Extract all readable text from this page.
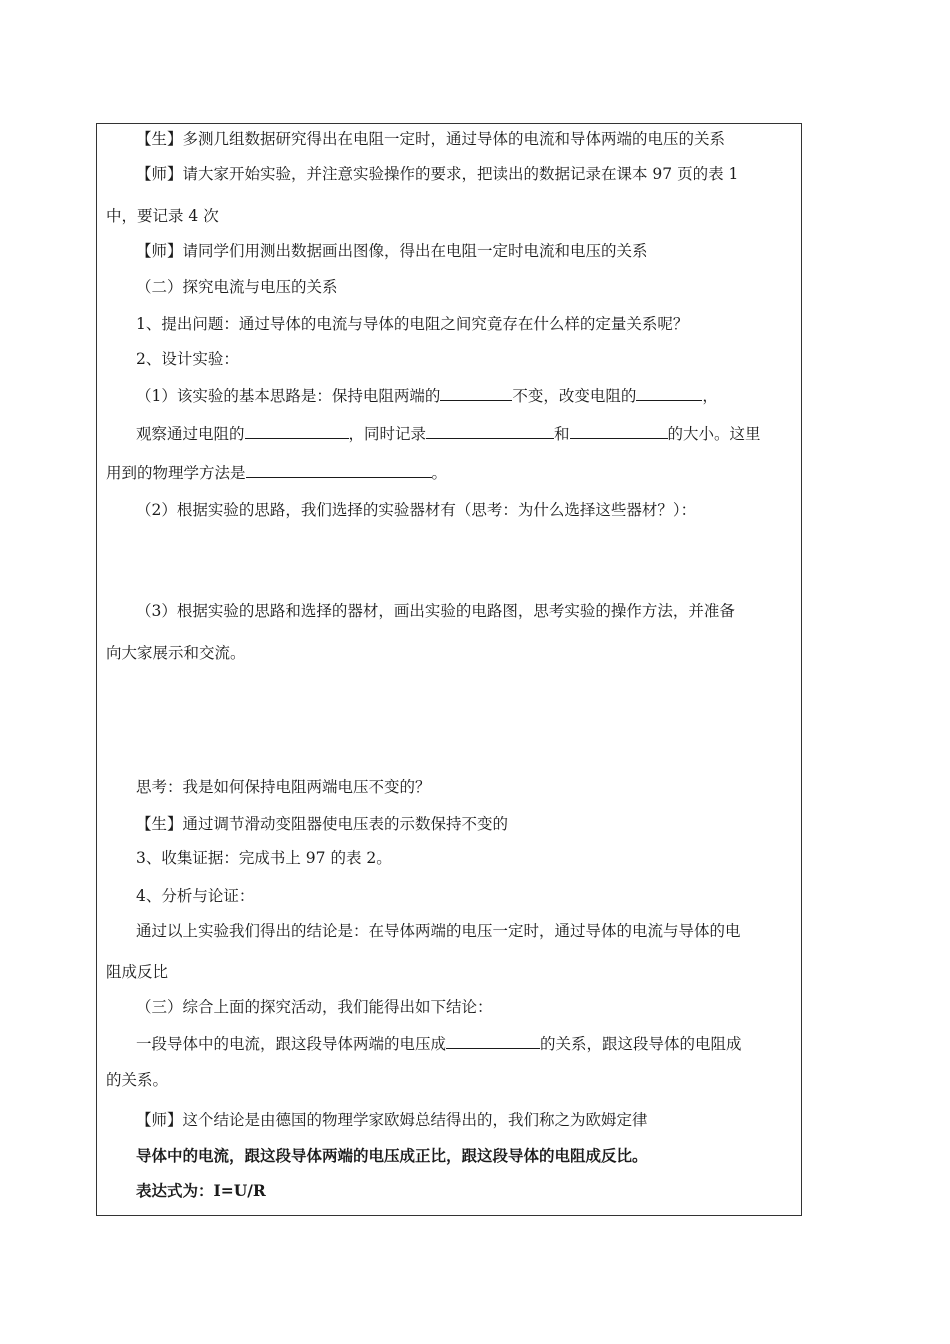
【生】多测几组数据研究得出在电阻一定时，通过导体的电流和导体两端的电压的关系
【师】请大家开始实验，并注意实验操作的要求，把读出的数据记录在课本 97 页的表 1
中，要记录 4 次
【师】请同学们用测出数据画出图像，得出在电阻一定时电流和电压的关系
（二）探究电流与电压的关系
1、提出问题：通过导体的电流与导体的电阻之间究竟存在什么样的定量关系呢？
2、设计实验：
（1）该实验的基本思路是：保持电阻两端的	不变，改变电阻的	，
观察通过电阻的	，同时记录	和	的大小。这里
用到的物理学方法是	。
（2）根据实验的思路，我们选择的实验器材有（思考：为什么选择这些器材？）：
（3）根据实验的思路和选择的器材，画出实验的电路图，思考实验的操作方法，并准备
向大家展示和交流。
思考：我是如何保持电阻两端电压不变的？
【生】通过调节滑动变阻器使电压表的示数保持不变的
3、收集证据：完成书上 97 的表 2。
4、分析与论证：
通过以上实验我们得出的结论是：在导体两端的电压一定时，通过导体的电流与导体的电
阻成反比
（三）综合上面的探究活动，我们能得出如下结论：
一段导体中的电流，跟这段导体两端的电压成	的关系，跟这段导体的电阻成
的关系。
【师】这个结论是由德国的物理学家欧姆总结得出的，我们称之为欧姆定律
导体中的电流，跟这段导体两端的电压成正比，跟这段导体的电阻成反比。
表达式为：I=U/R
